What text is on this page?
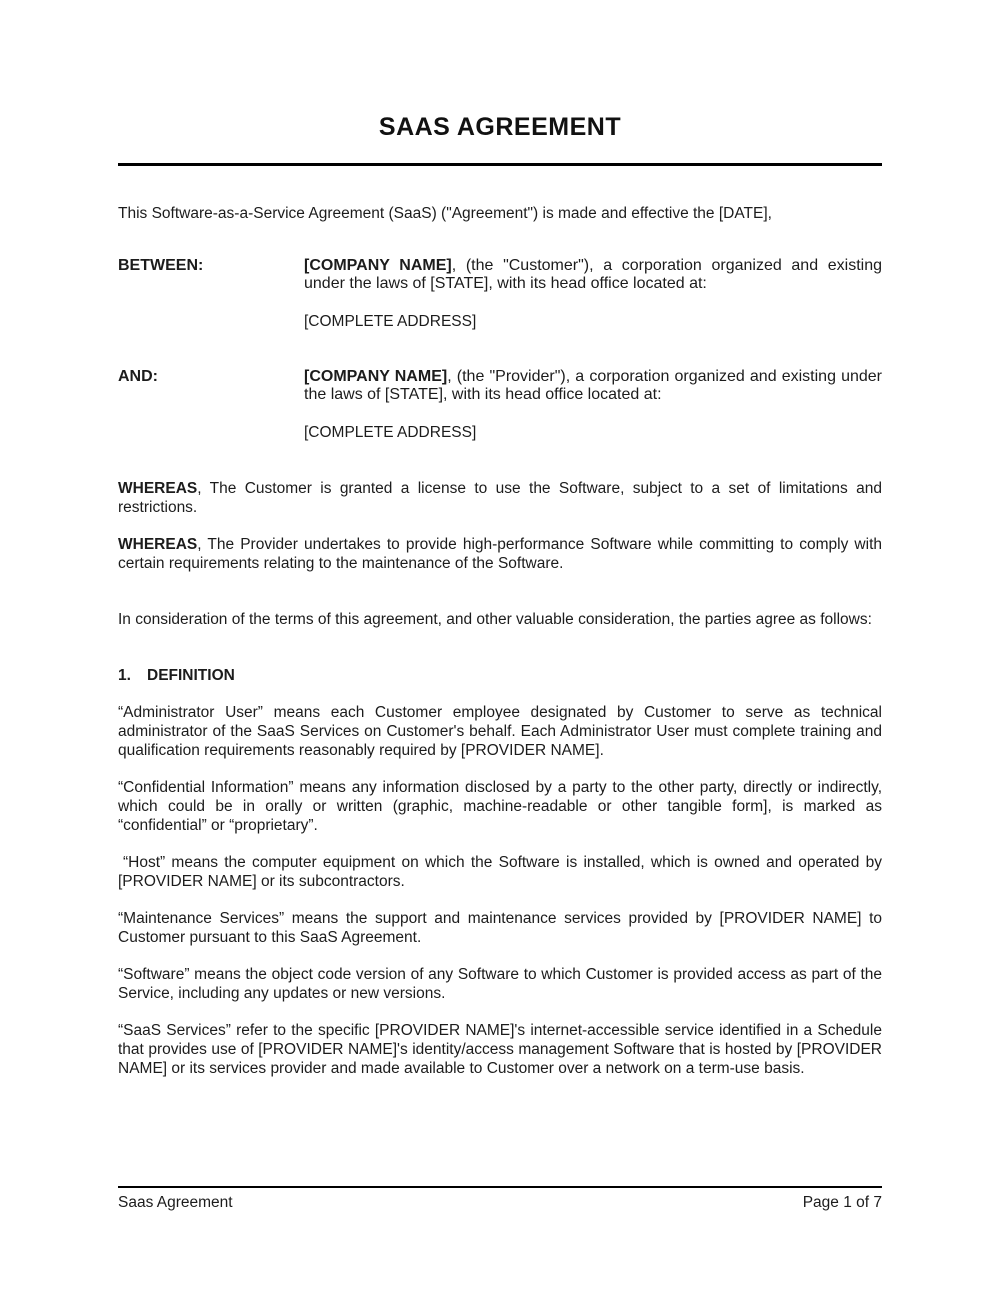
SAAS AGREEMENT

This Software-as-a-Service Agreement (SaaS) ("Agreement") is made and effective the [DATE],

BETWEEN:	[COMPANY NAME], (the "Customer"), a corporation organized and existing under the laws of [STATE], with its head office located at:

[COMPLETE ADDRESS]

AND:	[COMPANY NAME], (the "Provider"), a corporation organized and existing under the laws of [STATE], with its head office located at:

[COMPLETE ADDRESS]

WHEREAS, The Customer is granted a license to use the Software, subject to a set of limitations and restrictions.

WHEREAS, The Provider undertakes to provide high-performance Software while committing to comply with certain requirements relating to the maintenance of the Software.

In consideration of the terms of this agreement, and other valuable consideration, the parties agree as follows:

1. DEFINITION

“Administrator User” means each Customer employee designated by Customer to serve as technical administrator of the SaaS Services on Customer's behalf. Each Administrator User must complete training and qualification requirements reasonably required by [PROVIDER NAME].

“Confidential Information” means any information disclosed by a party to the other party, directly or indirectly, which could be in orally or written (graphic, machine-readable or other tangible form], is marked as “confidential” or “proprietary”.

“Host” means the computer equipment on which the Software is installed, which is owned and operated by [PROVIDER NAME] or its subcontractors.

“Maintenance Services” means the support and maintenance services provided by [PROVIDER NAME] to Customer pursuant to this SaaS Agreement.

“Software” means the object code version of any Software to which Customer is provided access as part of the Service, including any updates or new versions.

“SaaS Services” refer to the specific [PROVIDER NAME]'s internet-accessible service identified in a Schedule that provides use of [PROVIDER NAME]'s identity/access management Software that is hosted by [PROVIDER NAME] or its services provider and made available to Customer over a network on a term-use basis.

Saas Agreement	Page 1 of 7
